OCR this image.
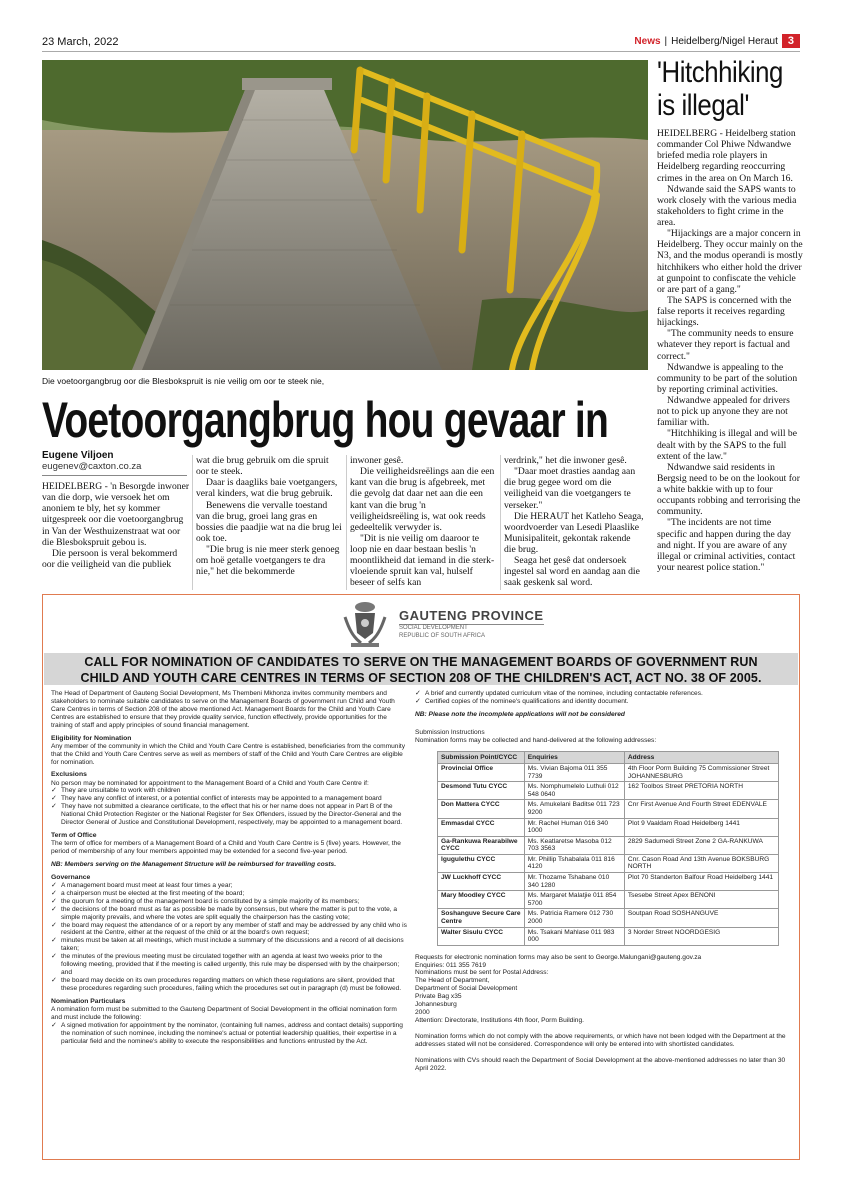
23 March, 2022	News | Heidelberg/Nigel Heraut 3
Die voetoorgangbrug oor die Blesbokspruit is nie veilig om oor te steek nie,
Voetoorgangbrug hou gevaar in
Eugene Viljoen
eugenev@caxton.co.za

HEIDELBERG - 'n Besorgde inwoner van die dorp, wie versoek het om anoniem te bly, het sy kommer uitgespreek oor die voetoorgangbrug in Van der Westhuizenstraat wat oor die Blesbokspruit gebou is.

Die persoon is veral bekommerd oor die veiligheid van die publiek

wat die brug gebruik om die spruit oor te steek.

Daar is daagliks baie voetgangers, veral kinders, wat die brug gebruik.

Benewens die vervalle toestand van die brug, groei lang gras en bossies die paadjie wat na die brug lei ook toe.

"Die brug is nie meer sterk genoeg om hoë getalle voetgangers te dra nie," het die bekommerde

inwoner gesê.

Die veiligheidsreëlings aan die een kant van die brug is afgebreek, met die gevolg dat daar net aan die een kant van die brug 'n veiligheidsreëling is, wat ook reeds gedeeltelik verwyder is.

"Dit is nie veilig om daaroor te loop nie en daar bestaan beslis 'n moontlikheid dat iemand in die sterk-vloeiende spruit kan val, hulself beseer of selfs kan

verdrink," het die inwoner gesê.

"Daar moet drasties aandag aan die brug gegee word om die veiligheid van die voetgangers te verseker."

Die HERAUT het Katleho Seaga, woordvoerder van Lesedi Plaaslike Munisipaliteit, gekontak rakende die brug.

Seaga het gesê dat ondersoek ingestel sal word en aandag aan die saak geskenk sal word.

'Hitchhiking is illegal'

HEIDELBERG - Heidelberg station commander Col Phiwe Ndwandwe briefed media role players in Heidelberg regarding reoccurring crimes in the area on On March 16.

Ndwande said the SAPS wants to work closely with the various media stakeholders to fight crime in the area.

"Hijackings are a major concern in Heidelberg. They occur mainly on the N3, and the modus operandi is mostly hitchhikers who either hold the driver at gunpoint to confiscate the vehicle or are part of a gang."

The SAPS is concerned with the false reports it receives regarding hijackings.

"The community needs to ensure whatever they report is factual and correct."

Ndwandwe is appealing to the community to be part of the solution by reporting criminal activities.

Ndwandwe appealed for drivers not to pick up anyone they are not familiar with.

"Hitchhiking is illegal and will be dealt with by the SAPS to the full extent of the law."

Ndwandwe said residents in Bergsig need to be on the lookout for a white bakkie with up to four occupants robbing and terrorising the community.

"The incidents are not time specific and happen during the day and night. If you are aware of any illegal or criminal activities, contact your nearest police station."

GAUTENG PROVINCE
SOCIAL DEVELOPMENT
REPUBLIC OF SOUTH AFRICA
CALL FOR NOMINATION OF CANDIDATES TO SERVE ON THE MANAGEMENT BOARDS OF GOVERNMENT RUN
CHILD AND YOUTH CARE CENTRES IN TERMS OF SECTION 208 OF THE CHILDREN'S ACT, ACT NO. 38 OF 2005.

The Head of Department of Gauteng Social Development, Ms Thembeni Mkhonza invites community members and stakeholders to nominate suitable candidates to serve on the Management Boards of government run Child and Youth Care Centres in terms of Section 208 of the above mentioned Act. Management Boards for the Child and Youth Care Centres are established to ensure that they provide quality service, function effectively, provide opportunities for the training of staff and apply principles of sound financial management.

Eligibility for Nomination

Any member of the community in which the Child and Youth Care Centre is established, beneficiaries from the community that the Child and Youth Care Centres serve as well as members of staff of the Child and Youth Care Centres are eligible for nomination.

Exclusions

No person may be nominated for appointment to the Management Board of a Child and Youth Care Centre if:

✓ They are unsuitable to work with children

✓ They have any conflict of interest, or a potential conflict of interests may be appointed to a management board

✓ They have not submitted a clearance certificate, to the effect that his or her name does not appear in Part B of the National Child Protection Register or the National Register for Sex Offenders, issued by the Director-General and the Director General of Justice and Constitutional Development, respectively, may be appointed to a management board.

Term of Office

The term of office for members of a Management Board of a Child and Youth Care Centre is 5 (five) years. However, the period of membership of any four members appointed may be extended for a second five-year period.

NB: Members serving on the Management Structure will be reimbursed for travelling costs.

Governance

✓ A management board must meet at least four times a year;

✓ a chairperson must be elected at the first meeting of the board;

✓ the quorum for a meeting of the management board is constituted by a simple majority of its members;

✓ the decisions of the board must as far as possible be made by consensus, but where the matter is put to the vote, a simple majority prevails, and where the votes are split equally the chairperson has the casting vote;

✓ the board may request the attendance of or a report by any member of staff and may be addressed by any child who is resident at the Centre, either at the request of the child or at the board's own request;

✓ minutes must be taken at all meetings, which must include a summary of the discussions and a record of all decisions taken;

✓ the minutes of the previous meeting must be circulated together with an agenda at least two weeks prior to the following meeting, provided that if the meeting is called urgently, this rule may be dispensed with by the chairperson; and

✓ the board may decide on its own procedures regarding matters on which these regulations are silent, provided that these procedures regarding such procedures, failing which the procedures set out in paragraph (d) must be followed.

Nomination Particulars

A nomination form must be submitted to the Gauteng Department of Social Development in the official nomination form and must include the following:

✓ A signed motivation for appointment by the nominator, (containing full names, address and contact details) supporting the nomination of such nominee, including the nominee's actual or potential leadership qualities, their expertise in a particular field and the nominee's ability to execute the responsibilities and functions entrusted by the Act.

✓ A brief and currently updated curriculum vitae of the nominee, including contactable references.

✓ Certified copies of the nominee's qualifications and identity document.

NB: Please note the incomplete applications will not be considered

Submission Instructions

Nomination forms may be collected and hand-delivered at the following addresses:

Submission Point/CYCC	Enquiries	Address
Provincial Office	Ms. Vivian Bajoma 011 355 7739	4th Floor Porm Building 75 Commissioner Street JOHANNESBURG
Desmond Tutu CYCC	Ms. Nomphumelelo Luthuli 012 548 0640	162 Toolbos Street PRETORIA NORTH
Don Mattera CYCC	Ms. Amukelani Baditse 011 723 9200	Cnr First Avenue And Fourth Street EDENVALE
Emmasdal CYCC	Mr. Rachel Human 016 340 1000	Plot 9 Vaaldam Road Heidelberg 1441
Ga-Rankuwa Rearabilwe CYCC	Ms. Keatlaretse Masoba 012 703 3563	2829 Sadumedi Street Zone 2 GA-RANKUWA
Igugulethu CYCC	Mr. Phillip Tshabalala 011 816 4120	Cnr. Cason Road And 13th Avenue BOKSBURG NORTH
JW Luckhoff CYCC	Mr. Thozame Tshabane 010 340 1280	Plot 70 Standerton Balfour Road Heidelberg 1441
Mary Moodley CYCC	Ms. Margaret Malatjie 011 854 5700	Tsesebe Street Apex BENONI
Soshanguve Secure Care Centre	Ms. Patricia Ramere 012 730 2000	Soutpan Road SOSHANGUVE
Walter Sisulu CYCC	Ms. Tsakani Mahlase 011 983 000	3 Norder Street NOORDGESIG

Requests for electronic nomination forms may also be sent to George.Malungani@gauteng.gov.za

Enquiries: 011 355 7619

Nominations must be sent for Postal Address:

The Head of Department,

Department of Social Development

Private Bag x35

Johannesburg

2000

Attention: Directorate, Institutions 4th floor, Porm Building.

Nomination forms which do not comply with the above requirements, or which have not been lodged with the Department at the addresses stated will not be considered. Correspondence will only be entered into with shortlisted candidates.

Nominations with CVs should reach the Department of Social Development at the above-mentioned addresses no later than 30 April 2022.
